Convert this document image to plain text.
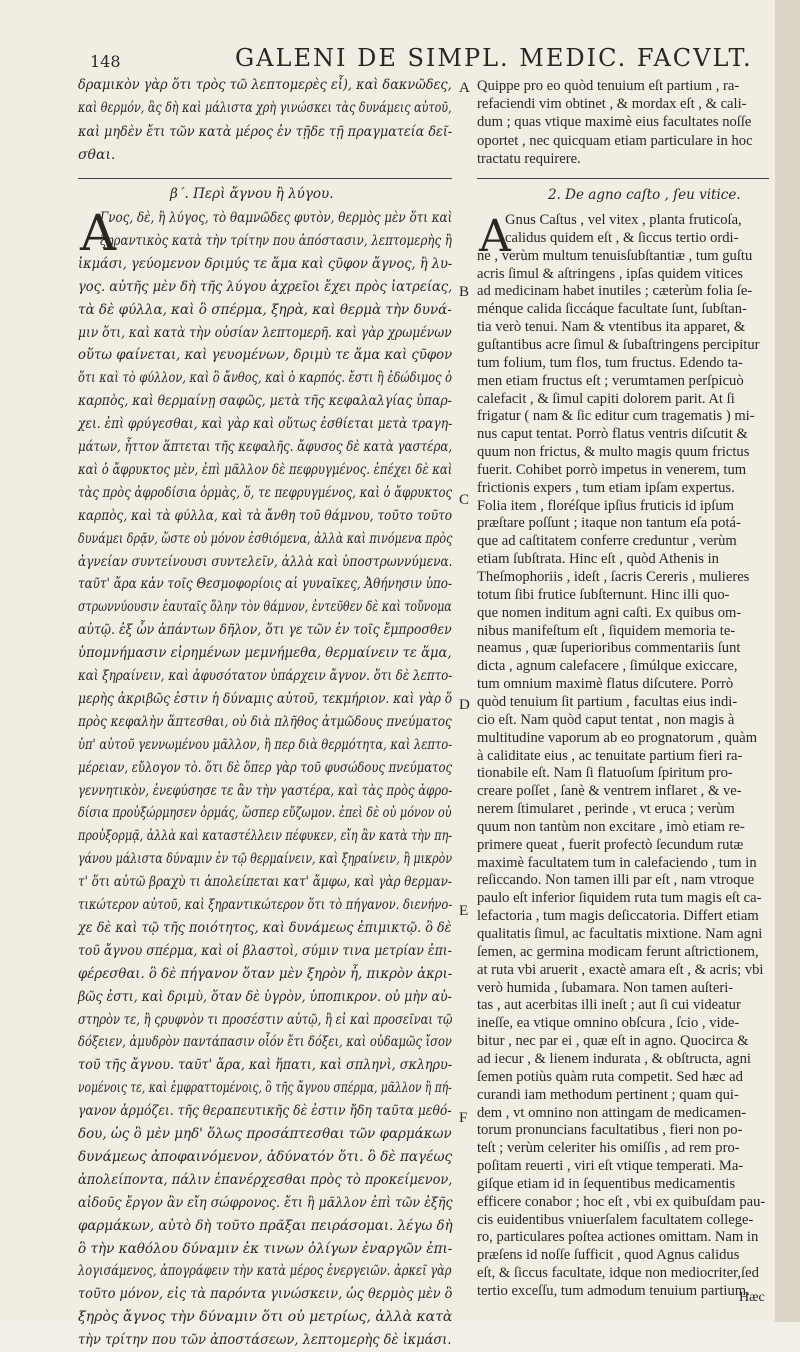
148	GALENI DE SIMPL. MEDIC. FACVLT.
δραμικὸν γὰρ ὅτι τρὸς τῶ λεπτομερὲς εἶ), καὶ δακνῶδες,
καὶ θερμόν, ἃς δὴ καὶ μάλιστα χρὴ γινώσκει τὰς δυνάμεις αὐτοῦ,
καὶ μηδὲν ἔτι τῶν κατὰ μέρος ἐν τῇδε τῇ πραγματεία δεῖ-
σθαι.
Γνος, δὲ, ἢ λύγος, τὸ θαμνῶδες φυτὸν, θερμὸς μὲν ὅτι καὶ
ξηραντικὸς κατὰ τὴν τρίτην που ἀπόστασιν, λεπτομερὴς ἢ
ἰκμάσι, γεύομενον δριμύς τε ἅμα καὶ ςῦφον ἄγνος, ἢ λυ-
γος. αὐτῆς μὲν δὴ τῆς λύγου ἀχρεῖοι ἔχει πρὸς ἰατρείας,
τὰ δὲ φύλλα, καὶ ὃ σπέρμα, ξηρὰ, καὶ θερμὰ τὴν δυνά-
μιν ὅτι, καὶ κατὰ τὴν οὐσίαν λεπτομερῆ. καὶ γὰρ χρωμένων
οὕτω φαίνεται, καὶ γευομένων, δριμὺ τε ἅμα καὶ ςῦφον
ὅτι καὶ τὸ φύλλον, καὶ ὃ ἄνθος, καὶ ὁ καρπός. ἔστι ἢ ἐδώδιμος ὁ
καρπὸς, καὶ θερμαίνῃ σαφῶς, μετὰ τῆς κεφαλαλγίας ὑπαρ-
χει. ἐπὶ φρύγεσθαι, καὶ γὰρ καὶ οὕτως ἐσθίεται μετὰ τραγη-
μάτων, ἧττον ἅπτεται τῆς κεφαλῆς. ἄφυσος δὲ κατὰ γαστέρα,
καὶ ὁ ἄφρυκτος μὲν, ἐπὶ μᾶλλον δὲ πεφρυγμένος. ἐπέχει δὲ καὶ
τὰς πρὸς ἀφροδίσια ὁρμὰς, ὅ, τε πεφρυγμένος, καὶ ὁ ἄφρυκτος
καρπὸς, καὶ τὰ φύλλα, καὶ τὰ ἄνθη τοῦ θάμνου, τοῦτο τοῦτο
δυνάμει δρᾷν, ὥστε οὐ μόνον ἐσθιόμενα, ἀλλὰ καὶ πινόμενα πρὸς
ἀγνείαν συντείνουσι συντελεῖν, ἀλλὰ καὶ ὑποστρωννύμενα.
ταῦτ' ἄρα κἀν τοῖς Θεσμοφορίοις αἱ γυναῖκες, Ἀθήνησιν ὑπο-
στρωννύουσιν ἑαυταῖς ὅλην τὸν θάμνον, ἐντεῦθεν δὲ καὶ τοὔνομα
αὐτῷ. ἐξ ὧν ἁπάντων δῆλον, ὅτι γε τῶν ἐν τοῖς ἔμπροσθεν
ὑπομνήμασιν εἰρημένων μεμνήμεθα, θερμαίνειν τε ἅμα,
καὶ ξηραίνειν, καὶ ἀφυσότατον ὑπάρχειν ἄγνον. ὅτι δὲ λεπτο-
μερὴς ἀκριβῶς ἐστιν ἡ δύναμις αὐτοῦ, τεκμήριον. καὶ γὰρ ὅ
πρὸς κεφαλὴν ἅπτεσθαι, οὐ διὰ πλῆθος ἀτμῶδους πνεύματος
ὑπ' αὐτοῦ γεννωμένου μᾶλλον, ἢ περ διὰ θερμότητα, καὶ λεπτο-
μέρειαν, εὔλογον τὸ. ὅτι δὲ ὅπερ γὰρ τοῦ φυσώδους πνεύματος
γεννητικὸν, ἐνεφύσησε τε ἂν τὴν γαστέρα, καὶ τὰς πρὸς ἀφρο-
δίσια προὐξώρμησεν ὁρμάς, ὥσπερ εὔζωμον. ἐπεὶ δὲ οὐ μόνον οὐ
προὐξορμᾷ, ἀλλὰ καὶ καταστέλλειν πέφυκεν, εἴη ἂν κατὰ τὴν πη-
γάνου μάλιστα δύναμιν ἐν τῷ θερμαίνειν, καὶ ξηραίνειν, ἢ μικρὸν
τ' ὅτι αὐτῶ βραχὺ τι ἀπολείπεται κατ' ἄμφω, καὶ γὰρ θερμαν-
τικώτερον αὐτοῦ, καὶ ξηραντικώτερον ὅτι τὸ πήγανον. διενήνο-
χε δὲ καὶ τῷ τῆς ποιότητος, καὶ δυνάμεως ἐπιμικτῷ. ὃ δὲ
τοῦ ἄγνου σπέρμα, καὶ οἱ βλαστοὶ, σύμιν τινα μετρίαν ἐπι-
φέρεσθαι. ὃ δὲ πήγανον ὅταν μὲν ξηρὸν ἦ, πικρὸν ἀκρι-
βῶς ἐστι, καὶ δριμὺ, ὅταν δὲ ὑγρὸν, ὑποπικρον. οὐ μὴν αὐ-
στηρὸν τε, ἢ ςρυφνὸν τι προσέστιν αὐτῷ, ἢ εἰ καὶ προσεῖναι τῷ
δόξειεν, ἀμυδρὸν παντάπασιν οἷόν ἔτι δόξει, καὶ οὐδαμῶς ἴσον
τοῦ τῆς ἄγνου. ταῦτ' ἄρα, καὶ ἥπατι, καὶ σπληνὶ, σκληρυ-
νομένοις τε, καὶ ἐμφραττομένοις, ὃ τῆς ἄγνου σπέρμα, μᾶλλον ἢ πή-
γανον ἁρμόζει. τῆς θεραπευτικῆς δὲ ἐστιν ἤδη ταῦτα μεθό-
δου, ὡς ὃ μὲν μηδ' ὅλως προσάπτεσθαι τῶν φαρμάκων
δυνάμεως ἀποφαινόμενον, ἀδύνατόν ὅτι. ὃ δὲ παγέως
ἀπολείποντα, πάλιν ἐπανέρχεσθαι πρὸς τὸ προκείμενον,
αἰδοῦς ἔργον ἂν εἴη σώφρονος. ἔτι ἢ μᾶλλον ἐπὶ τῶν ἑξῆς
φαρμάκων, αὐτὸ δὴ τοῦτο πρᾶξαι πειράσομαι. λέγω δὴ
ὃ τὴν καθόλου δύναμιν ἐκ τινων ὀλίγων ἐναργῶν ἐπι-
λογισάμενος, ἀπογράφειν τὴν κατὰ μέρος ἐνεργειῶν. ἀρκεῖ γὰρ
τοῦτο μόνον, εἰς τὰ παρόντα γινώσκειν, ὡς θερμὸς μὲν ὃ
ξηρὸς ἄγνος τὴν δύναμιν ὅτι οὐ μετρίως, ἀλλὰ κατὰ
τὴν τρίτην που τῶν ἀποστάσεων, λεπτομερὴς δὲ ἰκμάσι.
β΄. Περὶ ἄγνου ἢ λύγου.
Α
A
B
C
D
E
F
Quippe pro eo quòd tenuium eſt partium , ra-
refaciendi vim obtinet , & mordax eſt , & cali-
dum ; quas vtique maximè eius facultates noſſe
oportet , nec quicquam etiam particulare in hoc
tractatu requirere.
Gnus Caſtus , vel vitex , planta fruticoſa,
calidus quidem eſt , & ſiccus tertio ordi-
ne , verùm multum tenuisſubſtantiæ , tum guſtu
acris ſimul & aſtringens , ipſas quidem vitices
ad medicinam habet inutiles ; cæterùm folia ſe-
ménque calida ſiccáque facultate ſunt, ſubſtan-
tia verò tenui. Nam & vtentibus ita apparet, &
guſtantibus acre ſimul & ſubaſtringens percipitur
tum folium, tum flos, tum fructus. Edendo ta-
men etiam fructus eſt ; verumtamen perſpicuò
calefacit , & ſimul capiti dolorem parit. At ſi
frigatur ( nam & ſic editur cum tragematis ) mi-
nus caput tentat. Porrò flatus ventris diſcutit &
quum non frictus, & multo magis quum frictus
fuerit. Cohibet porrò impetus in venerem, tum
frictionis expers , tum etiam ipſam expertus.
Folia item , floréſque ipſius fruticis id ipſum
præſtare poſſunt ; itaque non tantum eſa potá-
que ad caſtitatem conferre creduntur , verùm
etiam ſubſtrata. Hinc eſt , quòd Athenis in
Theſmophoriis , ideſt , ſacris Cereris , mulieres
totum ſibi frutice ſubſternunt. Hinc illi quo-
que nomen inditum agni caſti. Ex quibus om-
nibus manifeſtum eſt , ſiquidem memoria te-
neamus , quæ ſuperioribus commentariis ſunt
dicta , agnum calefacere , ſimúlque exiccare,
tum omnium maximè flatus diſcutere. Porrò
quòd tenuium ſit partium , facultas eius indi-
cio eſt. Nam quòd caput tentat , non magis à
multitudine vaporum ab eo prognatorum , quàm
à caliditate eius , ac tenuitate partium fieri ra-
tionabile eſt. Nam ſi flatuoſum ſpiritum pro-
creare poſſet , ſanè & ventrem inflaret , & ve-
nerem ſtimularet , perinde , vt eruca ; verùm
quum non tantùm non excitare , imò etiam re-
primere queat , fuerit profectò ſecundum rutæ
maximè facultatem tum in calefaciendo , tum in
reſiccando. Non tamen illi par eſt , nam vtroque
paulo eſt inferior ſiquidem ruta tum magis eſt ca-
lefactoria , tum magis deſiccatoria. Differt etiam
qualitatis ſimul, ac facultatis mixtione. Nam agni
ſemen, ac germina modicam ferunt aſtrictionem,
at ruta vbi aruerit , exactè amara eſt , & acris; vbi
verò humida , ſubamara. Non tamen auſteri-
tas , aut acerbitas illi ineſt ; aut ſi cui videatur
ineſſe, ea vtique omnino obſcura , ſcio , vide-
bitur , nec par ei , quæ eſt in agno. Quocirca &
ad iecur , & lienem indurata , & obſtructa, agni
ſemen potiùs quàm ruta competit. Sed hæc ad
curandi iam methodum pertinent ; quam qui-
dem , vt omnino non attingam de medicamen-
torum pronuncians facultatibus , fieri non po-
teſt ; verùm celeriter his omiſſis , ad rem pro-
poſitam reuerti , viri eſt vtique temperati. Ma-
giſque etiam id in ſequentibus medicamentis
efficere conabor ; hoc eſt , vbi ex quibuſdam pau-
cis euidentibus vniuerſalem facultatem college-
ro, particulares poſtea actiones omittam. Nam in
præſens id noſſe ſufficit , quod Agnus calidus
eſt, & ſiccus facultate, idque non mediocriter,ſed
tertio exceſſu, tum admodum tenuium partium.
2. De agno caſto , ſeu vitice.
A
Hæc
